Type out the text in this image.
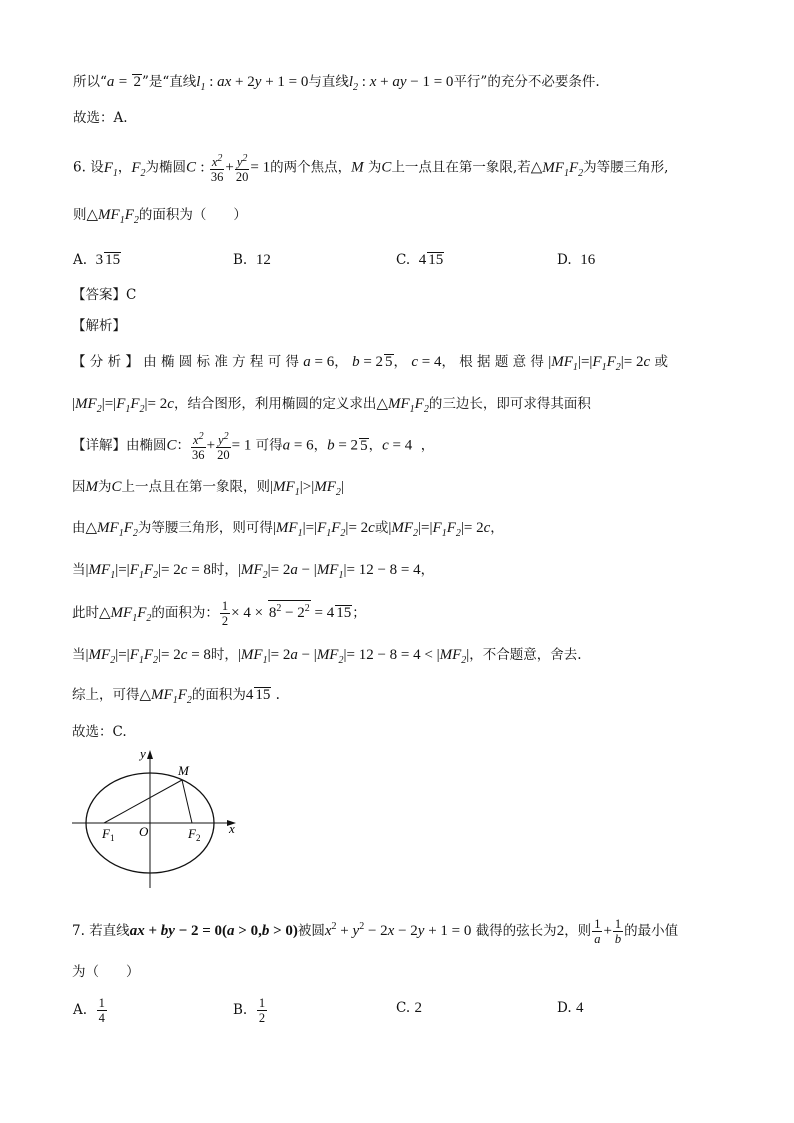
所以“a = 2”是“直线$l_1$ : ax + 2y + 1 = 0与直线$l_2$ : x + ay − 1 = 0平行”的充分不必要条件.
故选：A.
6. 设$F_1$，$F_2$为椭圆C : $\frac{x^2}{36} + \frac{y^2}{20} = 1$的两个焦点，M 为C上一点且在第一象限,若$\triangle MF_1F_2$为等腰三角形,
则$\triangle MF_1F_2$的面积为（　　）
A. 3 15	B. 12	C. 4 15	D. 16
【答案】C
【解析】
【 分 析 】 由 椭 圆 标 准 方 程 可 得 a = 6， b = 2 5， c = 4， 根 据 题 意 得 $|MF_1|=|F_1F_2|= 2c$ 或
$|MF_2|=|F_1F_2|= 2c$，结合图形，利用椭圆的定义求出$\triangle MF_1F_2$的三边长，即可求得其面积
【详解】由椭圆C： $\frac{x^2}{36} + \frac{y^2}{20} = 1$ 可得a = 6，b = 2 5，c = 4  ，
因M为C上一点且在第一象限，则$|MF_1|>|MF_2|$
由$\triangle MF_1F_2$为等腰三角形，则可得$|MF_1|=|F_1F_2|= 2c$或$|MF_2|=|F_1F_2|= 2c$，
当$|MF_1|=|F_1F_2|= 2c = 8$时，$|MF_2|= 2a - |MF_1|= 12 - 8 = 4$，
此时$\triangle MF_1F_2$的面积为： $\frac{1}{2} \times 4 \times 8^2 - 2^2 = 4$ 15；
当$|MF_2|=|F_1F_2|= 2c = 8$时，$|MF_1|= 2a - |MF_2|= 12 - 8 = 4 < |MF_2|$，不合题意，舍去.
综上，可得$\triangle MF_1F_2$的面积为4 15 .
故选：C.
M
O
F 1	F 2
x
y
7. 若直线ax + by − 2 = 0(a > 0,b > 0)被圆$x^2 + y^2 - 2x - 2y + 1 = 0$ 截得的弦长为2，则 $\frac{1}{a} + \frac{1}{b}$ 的最小值
为（　　）
A. $\frac{1}{4}$	B. $\frac{1}{2}$	C. 2	D. 4
